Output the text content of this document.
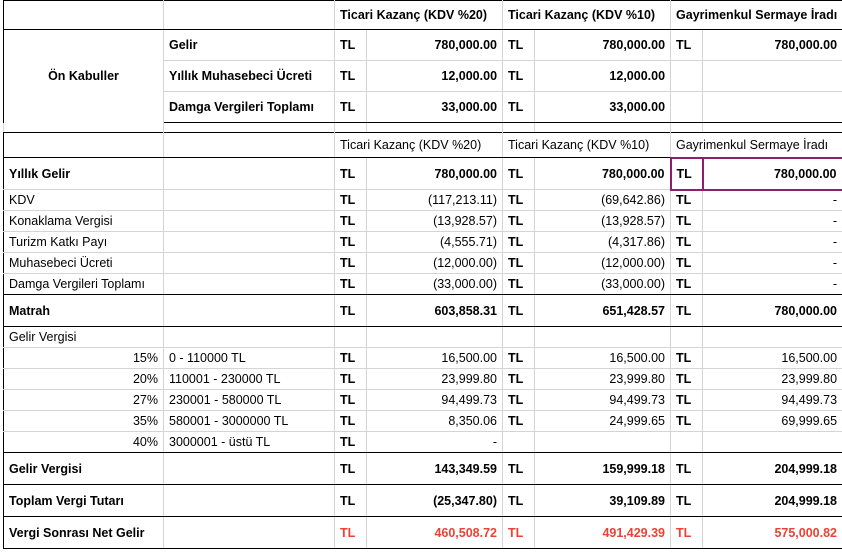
		Ticari Kazanç (KDV %20)		Ticari Kazanç (KDV %10)		Gayrimenkul Sermaye İradı	
Ön Kabuller	Gelir	TL	780,000.00	TL	780,000.00	TL	780,000.00
	Yıllık Muhasebeci Ücreti	TL	12,000.00	TL	12,000.00		
	Damga Vergileri Toplamı	TL	33,000.00	TL	33,000.00		

		Ticari Kazanç (KDV %20)		Ticari Kazanç (KDV %10)		Gayrimenkul Sermaye İradı	
Yıllık Gelir		TL	780,000.00	TL	780,000.00	TL	780,000.00
KDV		TL	(117,213.11)	TL	(69,642.86)	TL	-
Konaklama Vergisi		TL	(13,928.57)	TL	(13,928.57)	TL	-
Turizm Katkı Payı		TL	(4,555.71)	TL	(4,317.86)	TL	-
Muhasebeci Ücreti		TL	(12,000.00)	TL	(12,000.00)	TL	-
Damga Vergileri Toplamı		TL	(33,000.00)	TL	(33,000.00)	TL	-
Matrah		TL	603,858.31	TL	651,428.57	TL	780,000.00
Gelir Vergisi							
15%	0 - 110000 TL	TL	16,500.00	TL	16,500.00	TL	16,500.00
20%	110001 - 230000 TL	TL	23,999.80	TL	23,999.80	TL	23,999.80
27%	230001 - 580000 TL	TL	94,499.73	TL	94,499.73	TL	94,499.73
35%	580001 - 3000000 TL	TL	8,350.06	TL	24,999.65	TL	69,999.65
40%	3000001 - üstü TL	TL	-				
Gelir Vergisi		TL	143,349.59	TL	159,999.18	TL	204,999.18
Toplam Vergi Tutarı		TL	(25,347.80)	TL	39,109.89	TL	204,999.18
Vergi Sonrası Net Gelir		TL	460,508.72	TL	491,429.39	TL	575,000.82
